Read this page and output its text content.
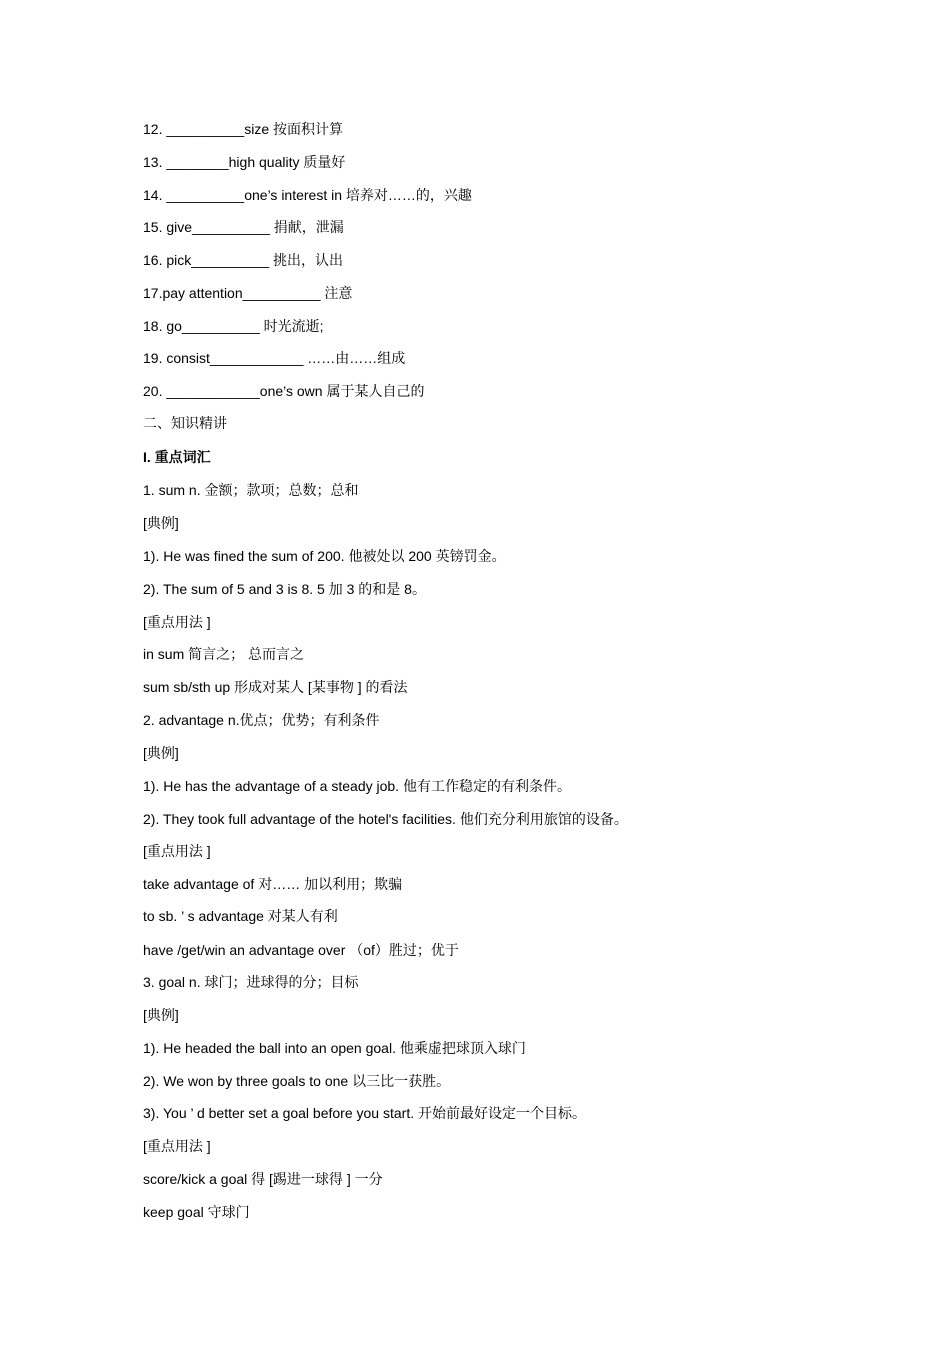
12. __________size 按面积计算
13. ________high quality 质量好
14. __________one’s interest in 培养对……的，兴趣
15. give__________ 捐献，泄漏
16. pick__________ 挑出，认出
17.pay attention__________ 注意
18. go__________ 时光流逝;
19. consist____________ ……由……组成
20. ____________one’s own 属于某人自己的
二、知识精讲
I. 重点词汇
1. sum n. 金额；款项；总数；总和
[典例]
1). He was fined the sum of 200. 他被处以 200 英镑罚金。
2). The sum of 5 and 3 is 8. 5 加 3 的和是 8。
[重点用法 ]
in sum 简言之； 总而言之
sum sb/sth up 形成对某人 [某事物 ] 的看法
2. advantage n.优点；优势；有利条件
[典例]
1). He has the advantage of a steady job. 他有工作稳定的有利条件。
2). They took full advantage of the hotel's facilities. 他们充分利用旅馆的设备。
[重点用法 ]
take advantage of 对…… 加以利用；欺骗
to sb. ’ s advantage 对某人有利
have /get/win an advantage over （of）胜过；优于
3. goal n. 球门；进球得的分；目标
[典例]
1). He headed the ball into an open goal. 他乘虚把球顶入球门
2). We won by three goals to one 以三比一获胜。
3). You ’ d better set a goal before you start. 开始前最好设定一个目标。
[重点用法 ]
score/kick a goal 得 [踢进一球得 ] 一分
keep goal 守球门
